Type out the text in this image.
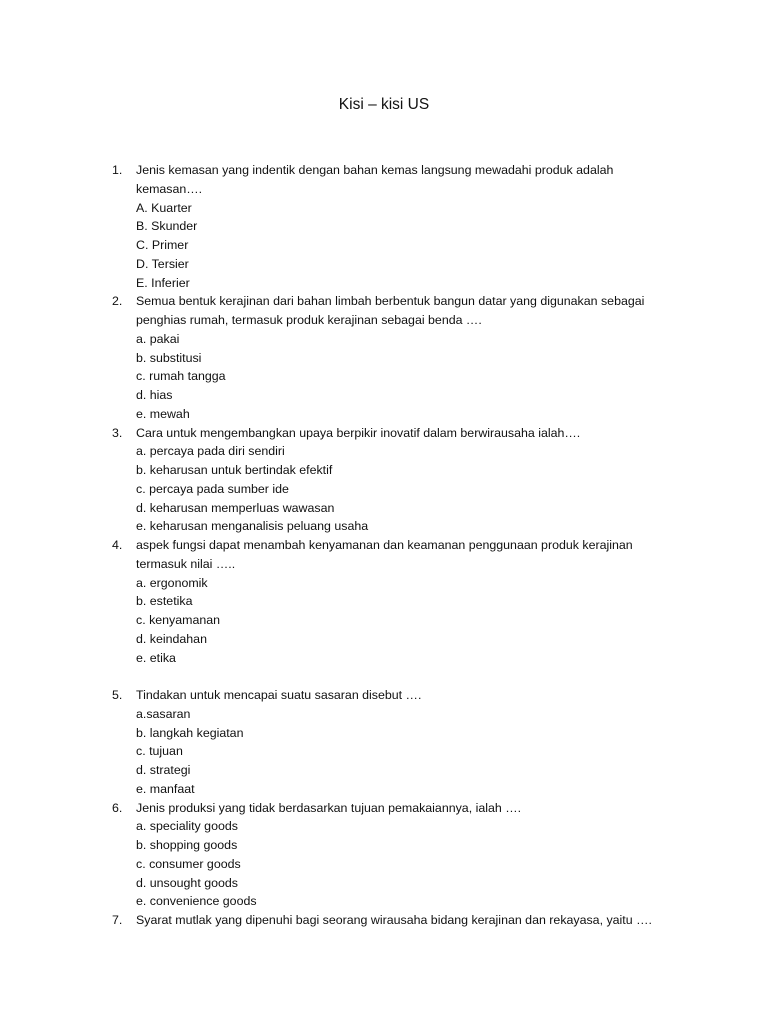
Kisi – kisi US
1. Jenis kemasan yang indentik dengan bahan kemas langsung mewadahi produk adalah kemasan….
A. Kuarter
B. Skunder
C. Primer
D. Tersier
E. Inferier
2. Semua bentuk kerajinan dari bahan limbah berbentuk bangun datar yang digunakan sebagai penghias rumah, termasuk produk kerajinan sebagai benda ….
a. pakai
b. substitusi
c. rumah tangga
d. hias
e. mewah
3. Cara untuk mengembangkan upaya berpikir inovatif dalam berwirausaha ialah….
a. percaya pada diri sendiri
b. keharusan untuk bertindak efektif
c. percaya pada sumber ide
d. keharusan memperluas wawasan
e. keharusan menganalisis peluang usaha
4. aspek fungsi dapat menambah kenyamanan dan keamanan penggunaan produk kerajinan termasuk nilai …..
a. ergonomik
b. estetika
c. kenyamanan
d. keindahan
e. etika
5. Tindakan untuk mencapai suatu sasaran disebut ….
a.sasaran
b. langkah kegiatan
c. tujuan
d. strategi
e. manfaat
6. Jenis produksi yang tidak berdasarkan tujuan pemakaiannya, ialah ….
a. speciality goods
b. shopping goods
c. consumer goods
d. unsought goods
e. convenience goods
7. Syarat mutlak yang dipenuhi bagi seorang wirausaha bidang kerajinan dan rekayasa, yaitu ….
